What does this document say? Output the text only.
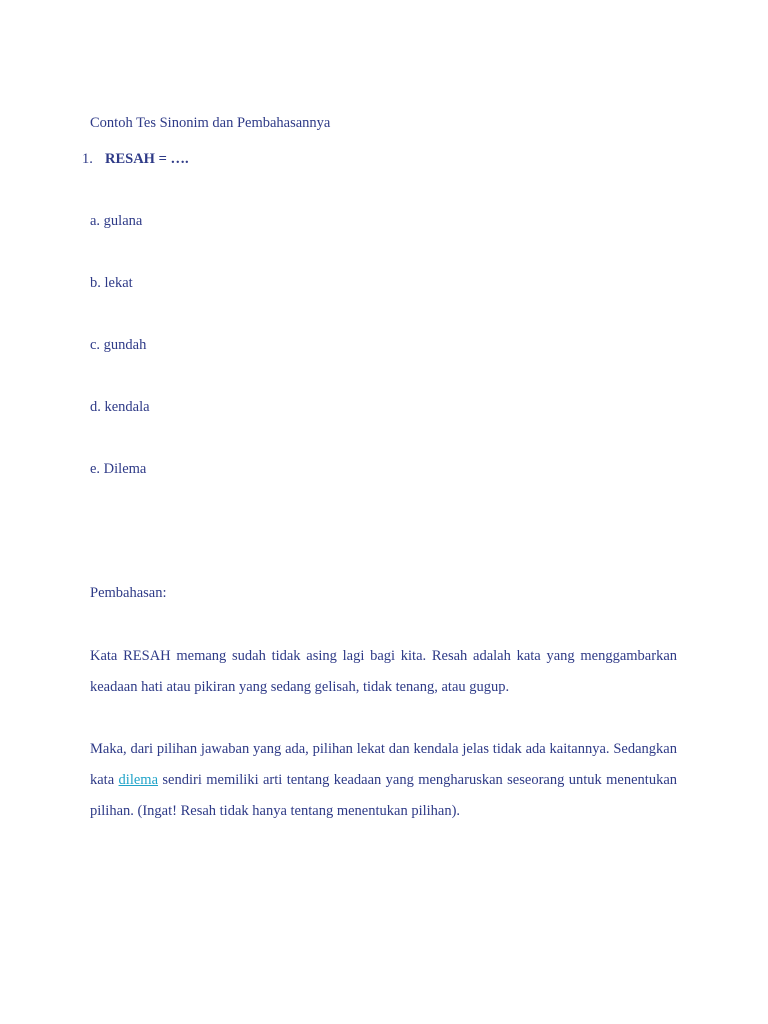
Contoh Tes Sinonim dan Pembahasannya
1. RESAH = ….
a. gulana
b. lekat
c. gundah
d. kendala
e. Dilema
Pembahasan:
Kata RESAH memang sudah tidak asing lagi bagi kita. Resah adalah kata yang menggambarkan keadaan hati atau pikiran yang sedang gelisah, tidak tenang, atau gugup.
Maka, dari pilihan jawaban yang ada, pilihan lekat dan kendala jelas tidak ada kaitannya. Sedangkan kata dilema sendiri memiliki arti tentang keadaan yang mengharuskan seseorang untuk menentukan pilihan. (Ingat! Resah tidak hanya tentang menentukan pilihan).
